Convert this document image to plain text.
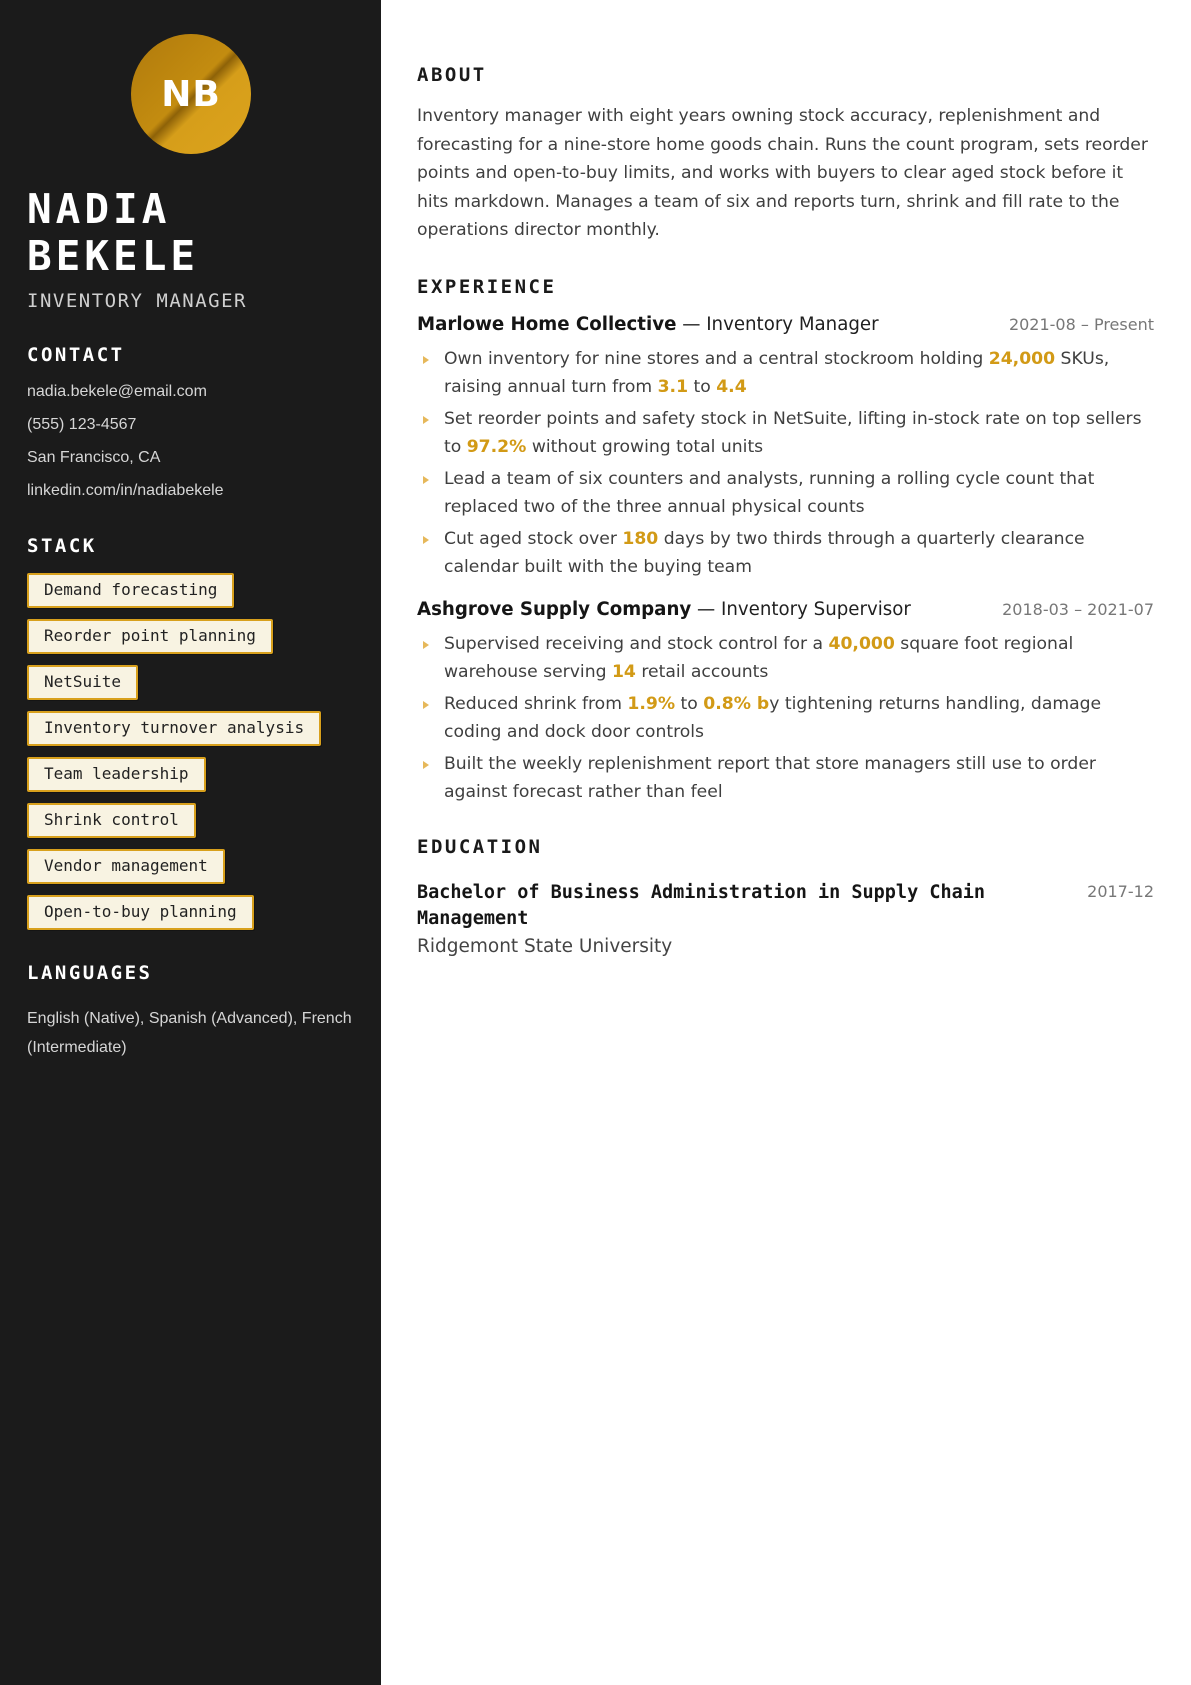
NB
NADIA
BEKELE
INVENTORY MANAGER
CONTACT
nadia.bekele@email.com
(555) 123-4567
San Francisco, CA
linkedin.com/in/nadiabekele
STACK
Demand forecasting
Reorder point planning
NetSuite
Inventory turnover analysis
Team leadership
Shrink control
Vendor management
Open-to-buy planning
LANGUAGES
English (Native), Spanish (Advanced), French (Intermediate)
ABOUT
Inventory manager with eight years owning stock accuracy, replenishment and forecasting for a nine-store home goods chain. Runs the count program, sets reorder points and open-to-buy limits, and works with buyers to clear aged stock before it hits markdown. Manages a team of six and reports turn, shrink and fill rate to the operations director monthly.
EXPERIENCE
Marlowe Home Collective — Inventory Manager	2021-08 – Present
Own inventory for nine stores and a central stockroom holding 24,000 SKUs, raising annual turn from 3.1 to 4.4
Set reorder points and safety stock in NetSuite, lifting in-stock rate on top sellers to 97.2% without growing total units
Lead a team of six counters and analysts, running a rolling cycle count that replaced two of the three annual physical counts
Cut aged stock over 180 days by two thirds through a quarterly clearance calendar built with the buying team
Ashgrove Supply Company — Inventory Supervisor	2018-03 – 2021-07
Supervised receiving and stock control for a 40,000 square foot regional warehouse serving 14 retail accounts
Reduced shrink from 1.9% to 0.8% by tightening returns handling, damage coding and dock door controls
Built the weekly replenishment report that store managers still use to order against forecast rather than feel
EDUCATION
Bachelor of Business Administration in Supply Chain Management
2017-12
Ridgemont State University
